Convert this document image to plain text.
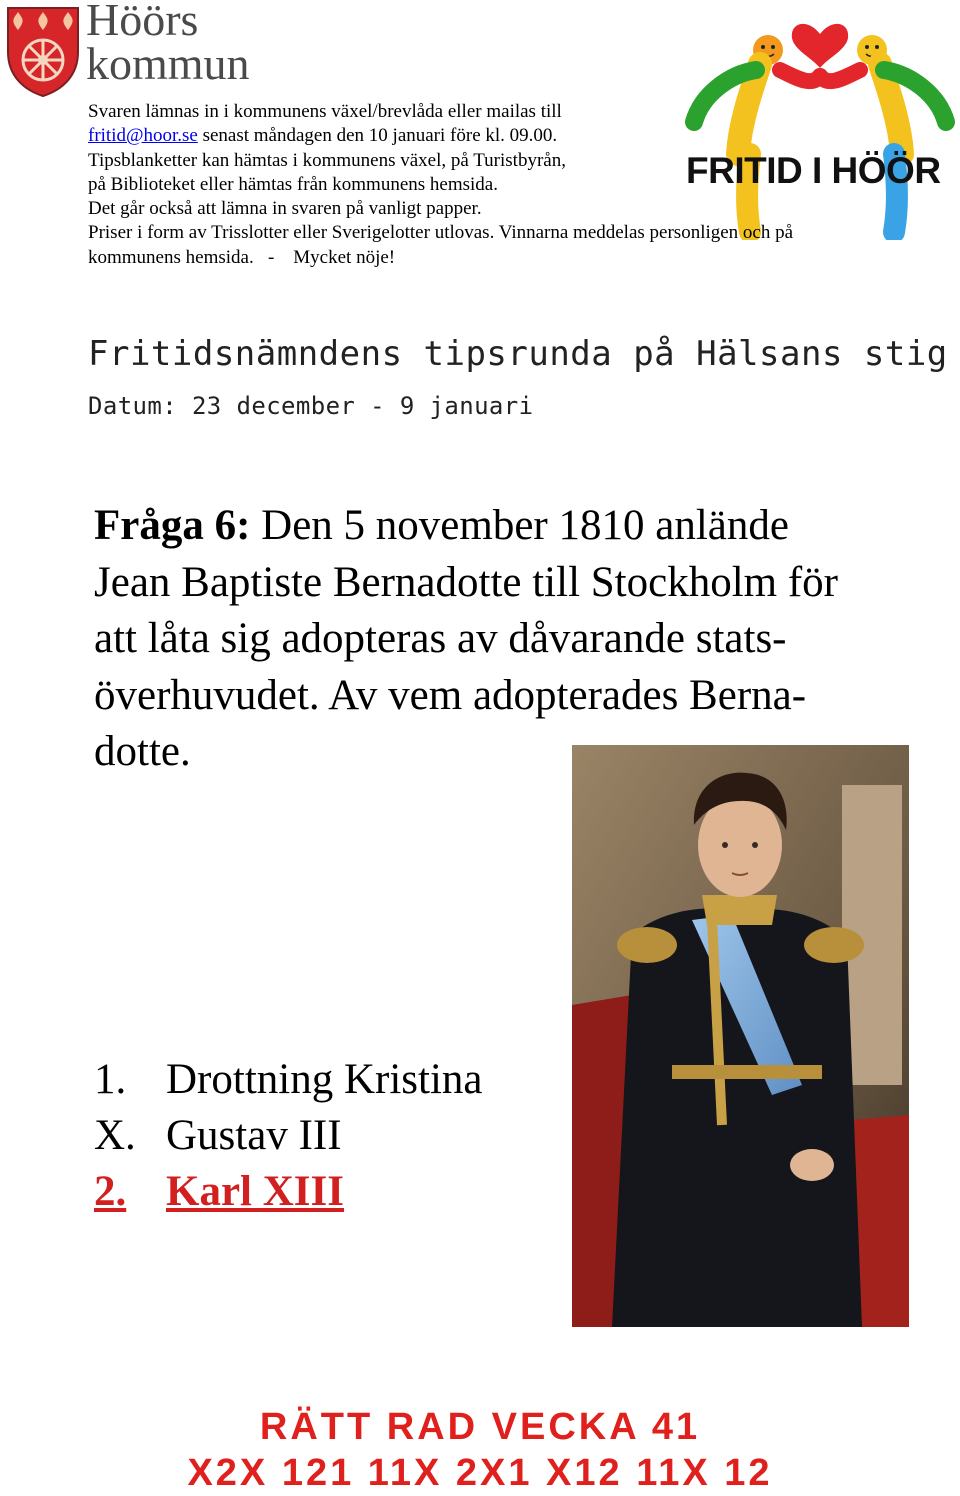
Höörs
kommun
FRITID I HÖÖR

Svaren lämnas in i kommunens växel/brevlåda eller mailas till

fritid@hoor.se senast måndagen den 10 januari före kl. 09.00.

Tipsblanketter kan hämtas i kommunens växel, på Turistbyrån,

på Biblioteket eller hämtas från kommunens hemsida.

Det går också att lämna in svaren på vanligt papper.

Priser i form av Trisslotter eller Sverigelotter utlovas. Vinnarna meddelas personligen och på

kommunens hemsida.   -    Mycket nöje!

Fritidsnämndens tipsrunda på Hälsans stig
Datum: 23 december - 9 januari

Fråga 6: Den 5 november 1810 anlände

Jean Baptiste Bernadotte till Stockholm för

att låta sig adopteras av dåvarande stats-

överhuvudet. Av vem adopterades Berna-

dotte.

1. Drottning Kristina
X. Gustav III
2. Karl XIII
RÄTT RAD VECKA 41
X2X 121 11X 2X1 X12 11X 12
